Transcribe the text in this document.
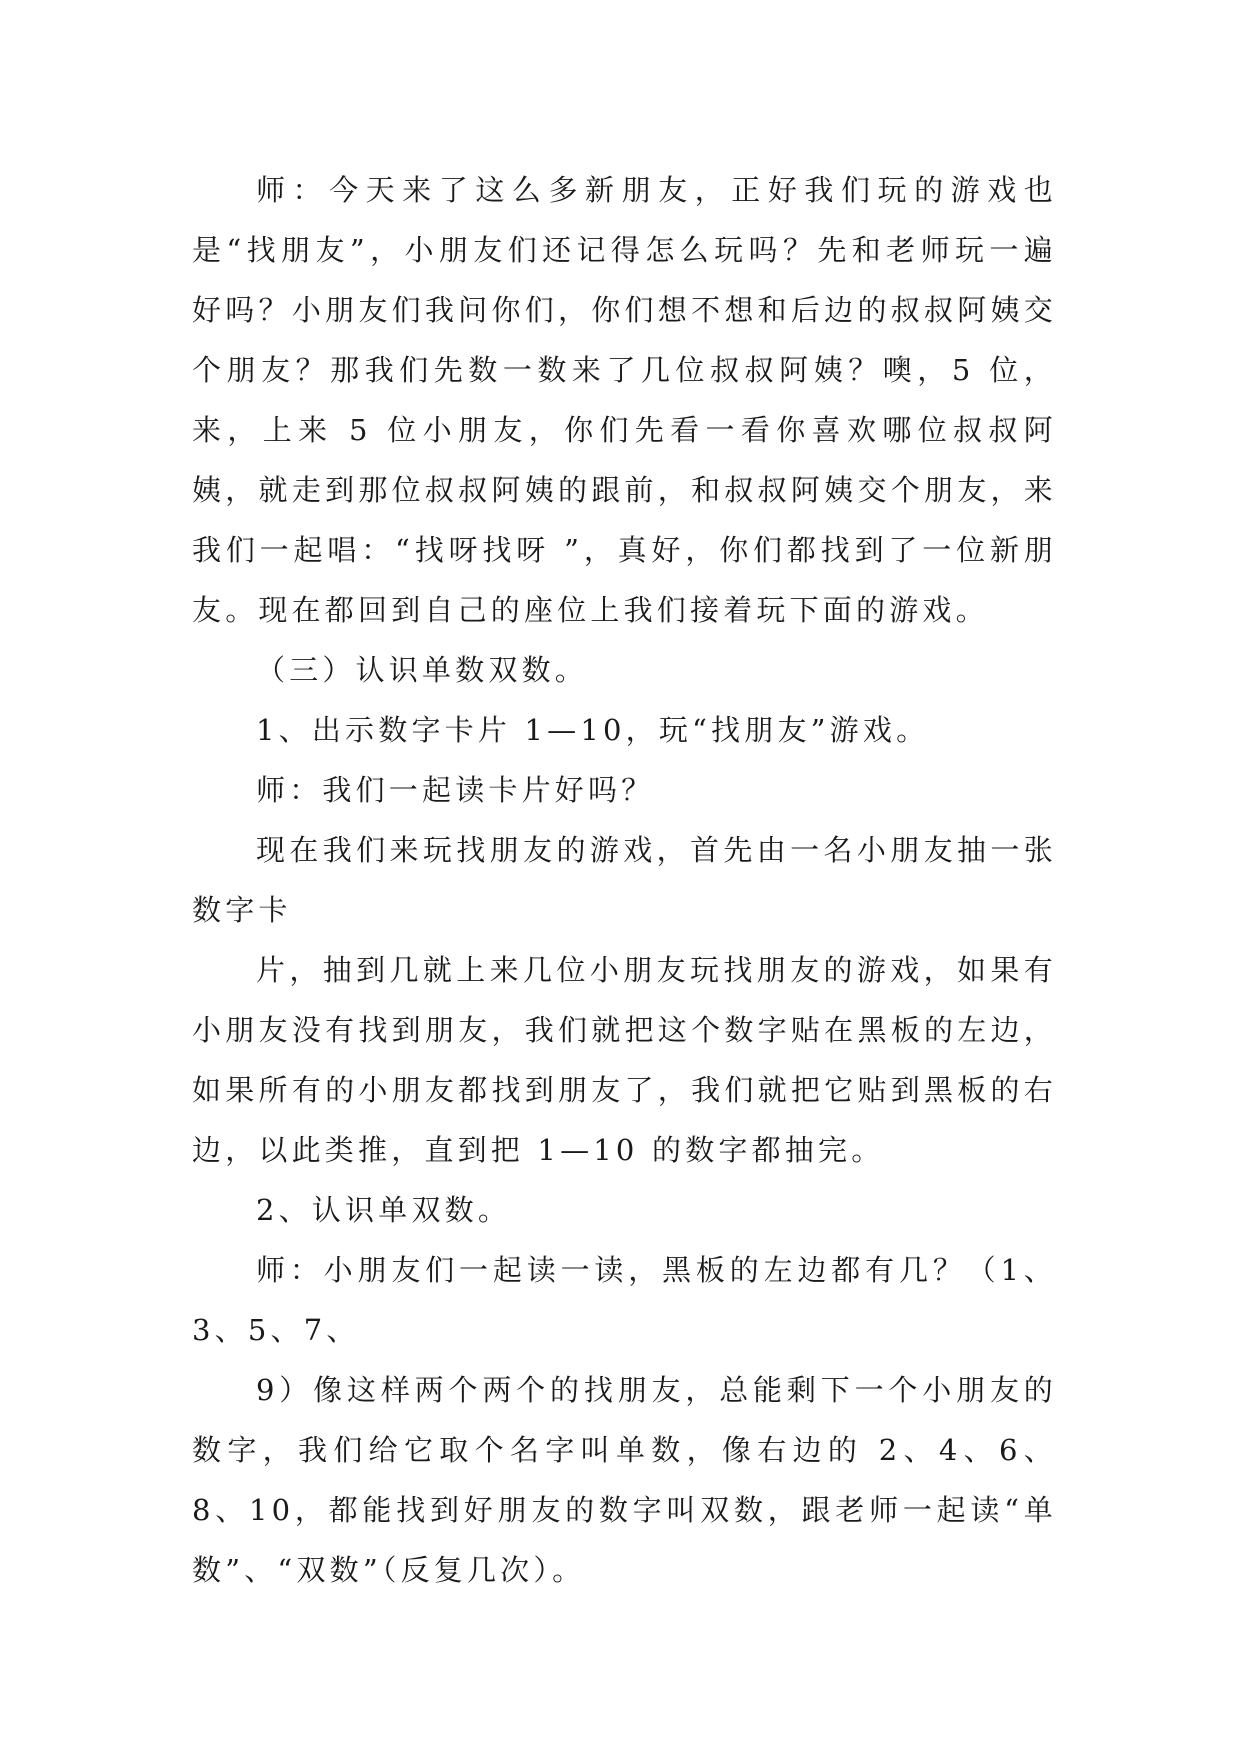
师：今天来了这么多新朋友，正好我们玩的游戏也是“找朋友”，小朋友们还记得怎么玩吗？先和老师玩一遍好吗？小朋友们我问你们，你们想不想和后边的叔叔阿姨交个朋友？那我们先数一数来了几位叔叔阿姨？噢，5 位，来，上来 5 位小朋友，你们先看一看你喜欢哪位叔叔阿姨，就走到那位叔叔阿姨的跟前，和叔叔阿姨交个朋友，来我们一起唱：“找呀找呀 ”，真好，你们都找到了一位新朋友。现在都回到自己的座位上我们接着玩下面的游戏。

（三）认识单数双数。

1、出示数字卡片 1—10，玩“找朋友”游戏。

师：我们一起读卡片好吗？

现在我们来玩找朋友的游戏，首先由一名小朋友抽一张数字卡

片，抽到几就上来几位小朋友玩找朋友的游戏，如果有小朋友没有找到朋友，我们就把这个数字贴在黑板的左边，如果所有的小朋友都找到朋友了，我们就把它贴到黑板的右边，以此类推，直到把 1—10 的数字都抽完。

2、认识单双数。

师：小朋友们一起读一读，黑板的左边都有几？（1、3、5、7、

9）像这样两个两个的找朋友，总能剩下一个小朋友的数字，我们给它取个名字叫单数，像右边的 2、4、6、8、10，都能找到好朋友的数字叫双数，跟老师一起读“单数”、“双数”（反复几次）。
